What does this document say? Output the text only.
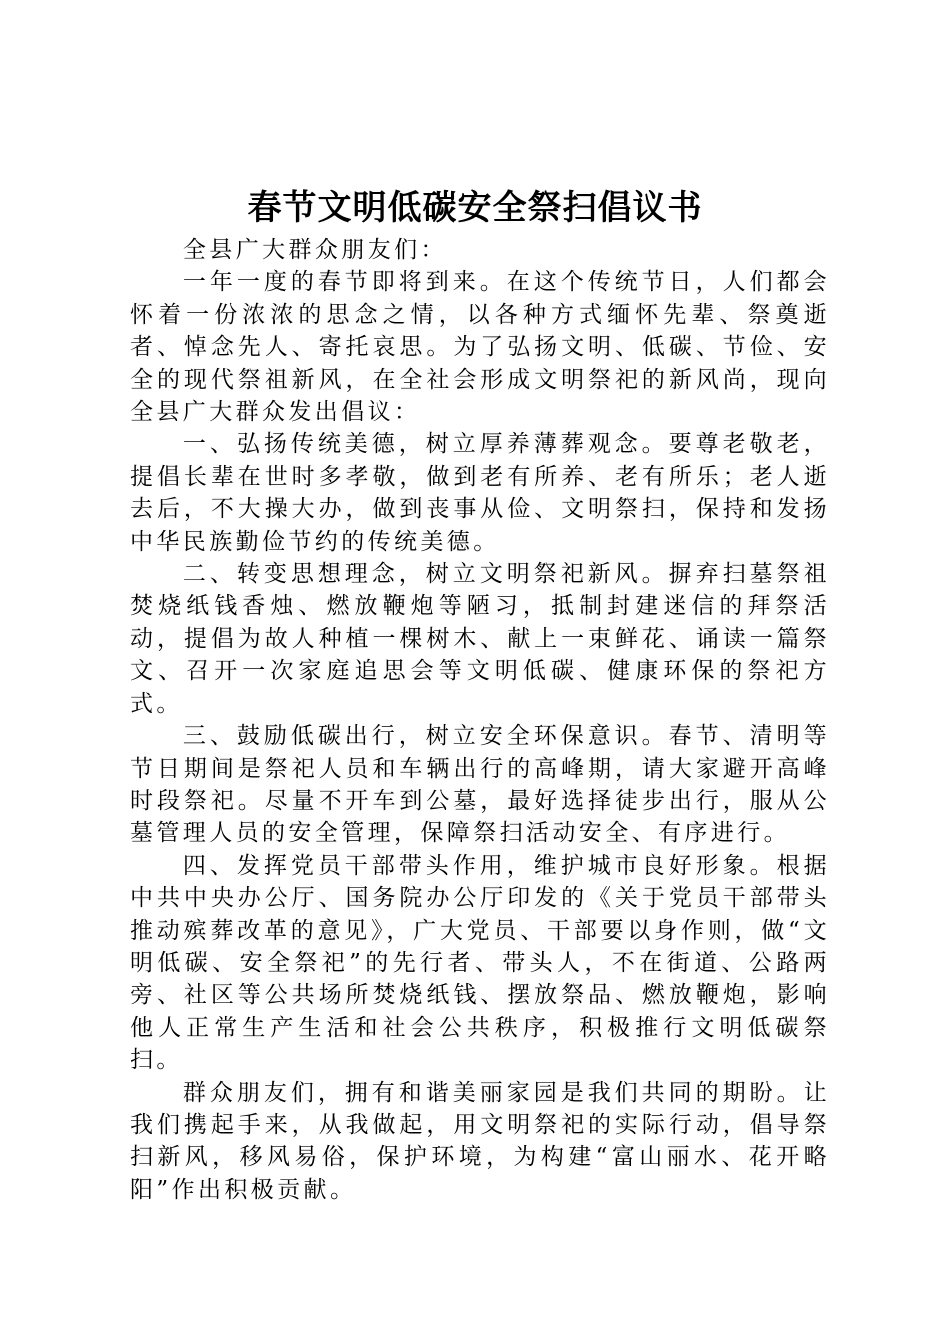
春节文明低碳安全祭扫倡议书

全县广大群众朋友们：

一年一度的春节即将到来。在这个传统节日，人们都会怀着一份浓浓的思念之情，以各种方式缅怀先辈、祭奠逝者、悼念先人、寄托哀思。为了弘扬文明、低碳、节俭、安全的现代祭祖新风，在全社会形成文明祭祀的新风尚，现向全县广大群众发出倡议：

一、弘扬传统美德，树立厚养薄葬观念。要尊老敬老，提倡长辈在世时多孝敬，做到老有所养、老有所乐；老人逝去后，不大操大办，做到丧事从俭、文明祭扫，保持和发扬中华民族勤俭节约的传统美德。

二、转变思想理念，树立文明祭祀新风。摒弃扫墓祭祖焚烧纸钱香烛、燃放鞭炮等陋习，抵制封建迷信的拜祭活动，提倡为故人种植一棵树木、献上一束鲜花、诵读一篇祭文、召开一次家庭追思会等文明低碳、健康环保的祭祀方式。

三、鼓励低碳出行，树立安全环保意识。春节、清明等节日期间是祭祀人员和车辆出行的高峰期，请大家避开高峰时段祭祀。尽量不开车到公墓，最好选择徒步出行，服从公墓管理人员的安全管理，保障祭扫活动安全、有序进行。

四、发挥党员干部带头作用，维护城市良好形象。根据中共中央办公厅、国务院办公厅印发的《关于党员干部带头推动殡葬改革的意见》，广大党员、干部要以身作则，做“文明低碳、安全祭祀”的先行者、带头人，不在街道、公路两旁、社区等公共场所焚烧纸钱、摆放祭品、燃放鞭炮，影响他人正常生产生活和社会公共秩序，积极推行文明低碳祭扫。

群众朋友们，拥有和谐美丽家园是我们共同的期盼。让我们携起手来，从我做起，用文明祭祀的实际行动，倡导祭扫新风，移风易俗，保护环境，为构建“富山丽水、花开略阳”作出积极贡献。
